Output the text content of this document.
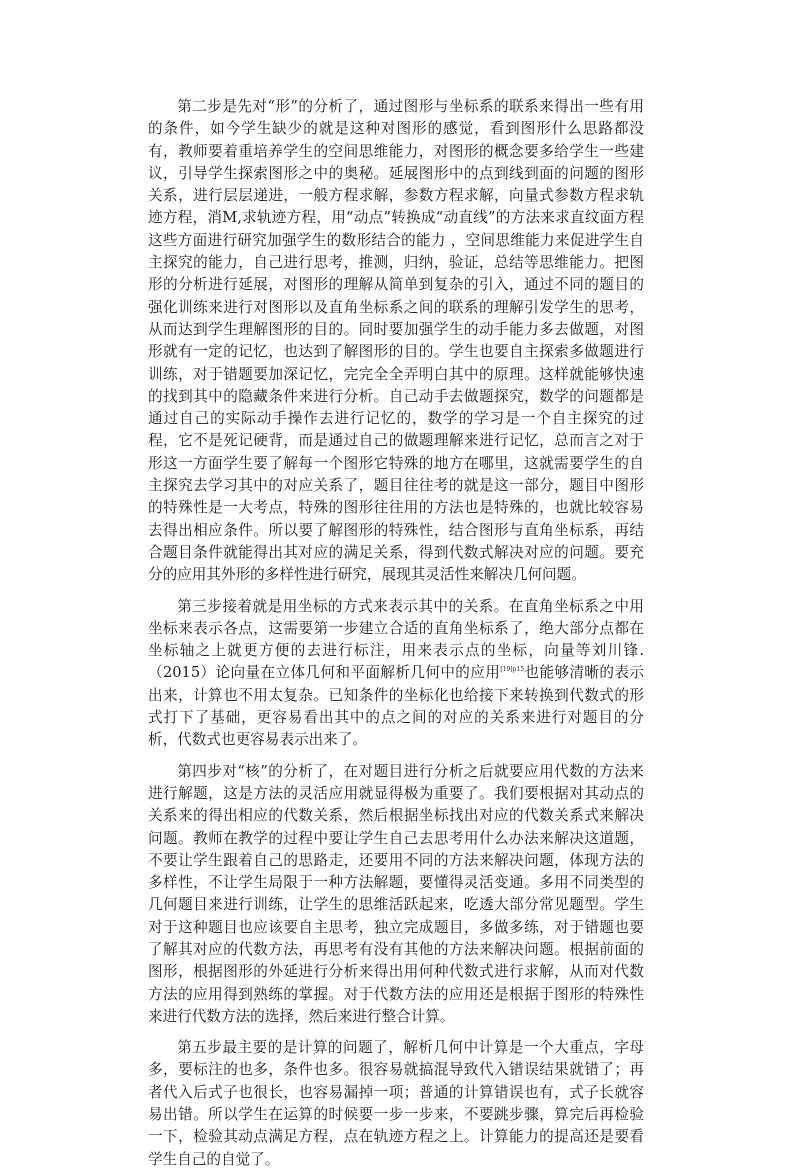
第二步是先对“形”的分析了，通过图形与坐标系的联系来得出一些有用的条件，如今学生缺少的就是这种对图形的感觉，看到图形什么思路都没有，教师要着重培养学生的空间思维能力，对图形的概念要多给学生一些建议，引导学生探索图形之中的奥秘。延展图形中的点到线到面的问题的图形关系，进行层层递进，一般方程求解，参数方程求解，向量式参数方程求轨迹方程，消M,求轨迹方程，用“动点”转换成“动直线”的方法来求直纹面方程这些方面进行研究加强学生的数形结合的能力 ，空间思维能力来促进学生自主探究的能力，自己进行思考，推测，归纳，验证，总结等思维能力。把图形的分析进行延展，对图形的理解从简单到复杂的引入，通过不同的题目的强化训练来进行对图形以及直角坐标系之间的联系的理解引发学生的思考，从而达到学生理解图形的目的。同时要加强学生的动手能力多去做题，对图形就有一定的记忆，也达到了解图形的目的。学生也要自主探索多做题进行训练，对于错题要加深记忆，完完全全弄明白其中的原理。这样就能够快速的找到其中的隐藏条件来进行分析。自己动手去做题探究，数学的问题都是通过自己的实际动手操作去进行记忆的，数学的学习是一个自主探究的过程，它不是死记硬背，而是通过自己的做题理解来进行记忆，总而言之对于形这一方面学生要了解每一个图形它特殊的地方在哪里，这就需要学生的自主探究去学习其中的对应关系了，题目往往考的就是这一部分，题目中图形的特殊性是一大考点，特殊的图形往往用的方法也是特殊的，也就比较容易去得出相应条件。所以要了解图形的特殊性，结合图形与直角坐标系，再结合题目条件就能得出其对应的满足关系，得到代数式解决对应的问题。要充分的应用其外形的多样性进行研究，展现其灵活性来解决几何问题。

第三步接着就是用坐标的方式来表示其中的关系。在直角坐标系之中用坐标来表示各点，这需要第一步建立合适的直角坐标系了，绝大部分点都在坐标轴之上就更方便的去进行标注，用来表示点的坐标，向量等刘川锋.（2015）论向量在立体几何和平面解析几何中的应用$^{[19]p15}$也能够清晰的表示出来，计算也不用太复杂。已知条件的坐标化也给接下来转换到代数式的形式打下了基础，更容易看出其中的点之间的对应的关系来进行对题目的分析，代数式也更容易表示出来了。

第四步对“核”的分析了，在对题目进行分析之后就要应用代数的方法来进行解题，这是方法的灵活应用就显得极为重要了。我们要根据对其动点的关系来的得出相应的代数关系，然后根据坐标找出对应的代数关系式来解决问题。教师在教学的过程中要让学生自己去思考用什么办法来解决这道题，不要让学生跟着自己的思路走，还要用不同的方法来解决问题，体现方法的多样性，不让学生局限于一种方法解题，要懂得灵活变通。多用不同类型的几何题目来进行训练，让学生的思维活跃起来，吃透大部分常见题型。学生对于这种题目也应该要自主思考，独立完成题目，多做多练，对于错题也要了解其对应的代数方法，再思考有没有其他的方法来解决问题。根据前面的图形，根据图形的外延进行分析来得出用何种代数式进行求解，从而对代数方法的应用得到熟练的掌握。对于代数方法的应用还是根据于图形的特殊性来进行代数方法的选择，然后来进行整合计算。

第五步最主要的是计算的问题了，解析几何中计算是一个大重点，字母多，要标注的也多，条件也多。很容易就搞混导致代入错误结果就错了；再者代入后式子也很长，也容易漏掉一项；普通的计算错误也有，式子长就容易出错。所以学生在运算的时候要一步一步来，不要跳步骤，算完后再检验一下，检验其动点满足方程，点在轨迹方程之上。计算能力的提高还是要看学生自己的自觉了。
